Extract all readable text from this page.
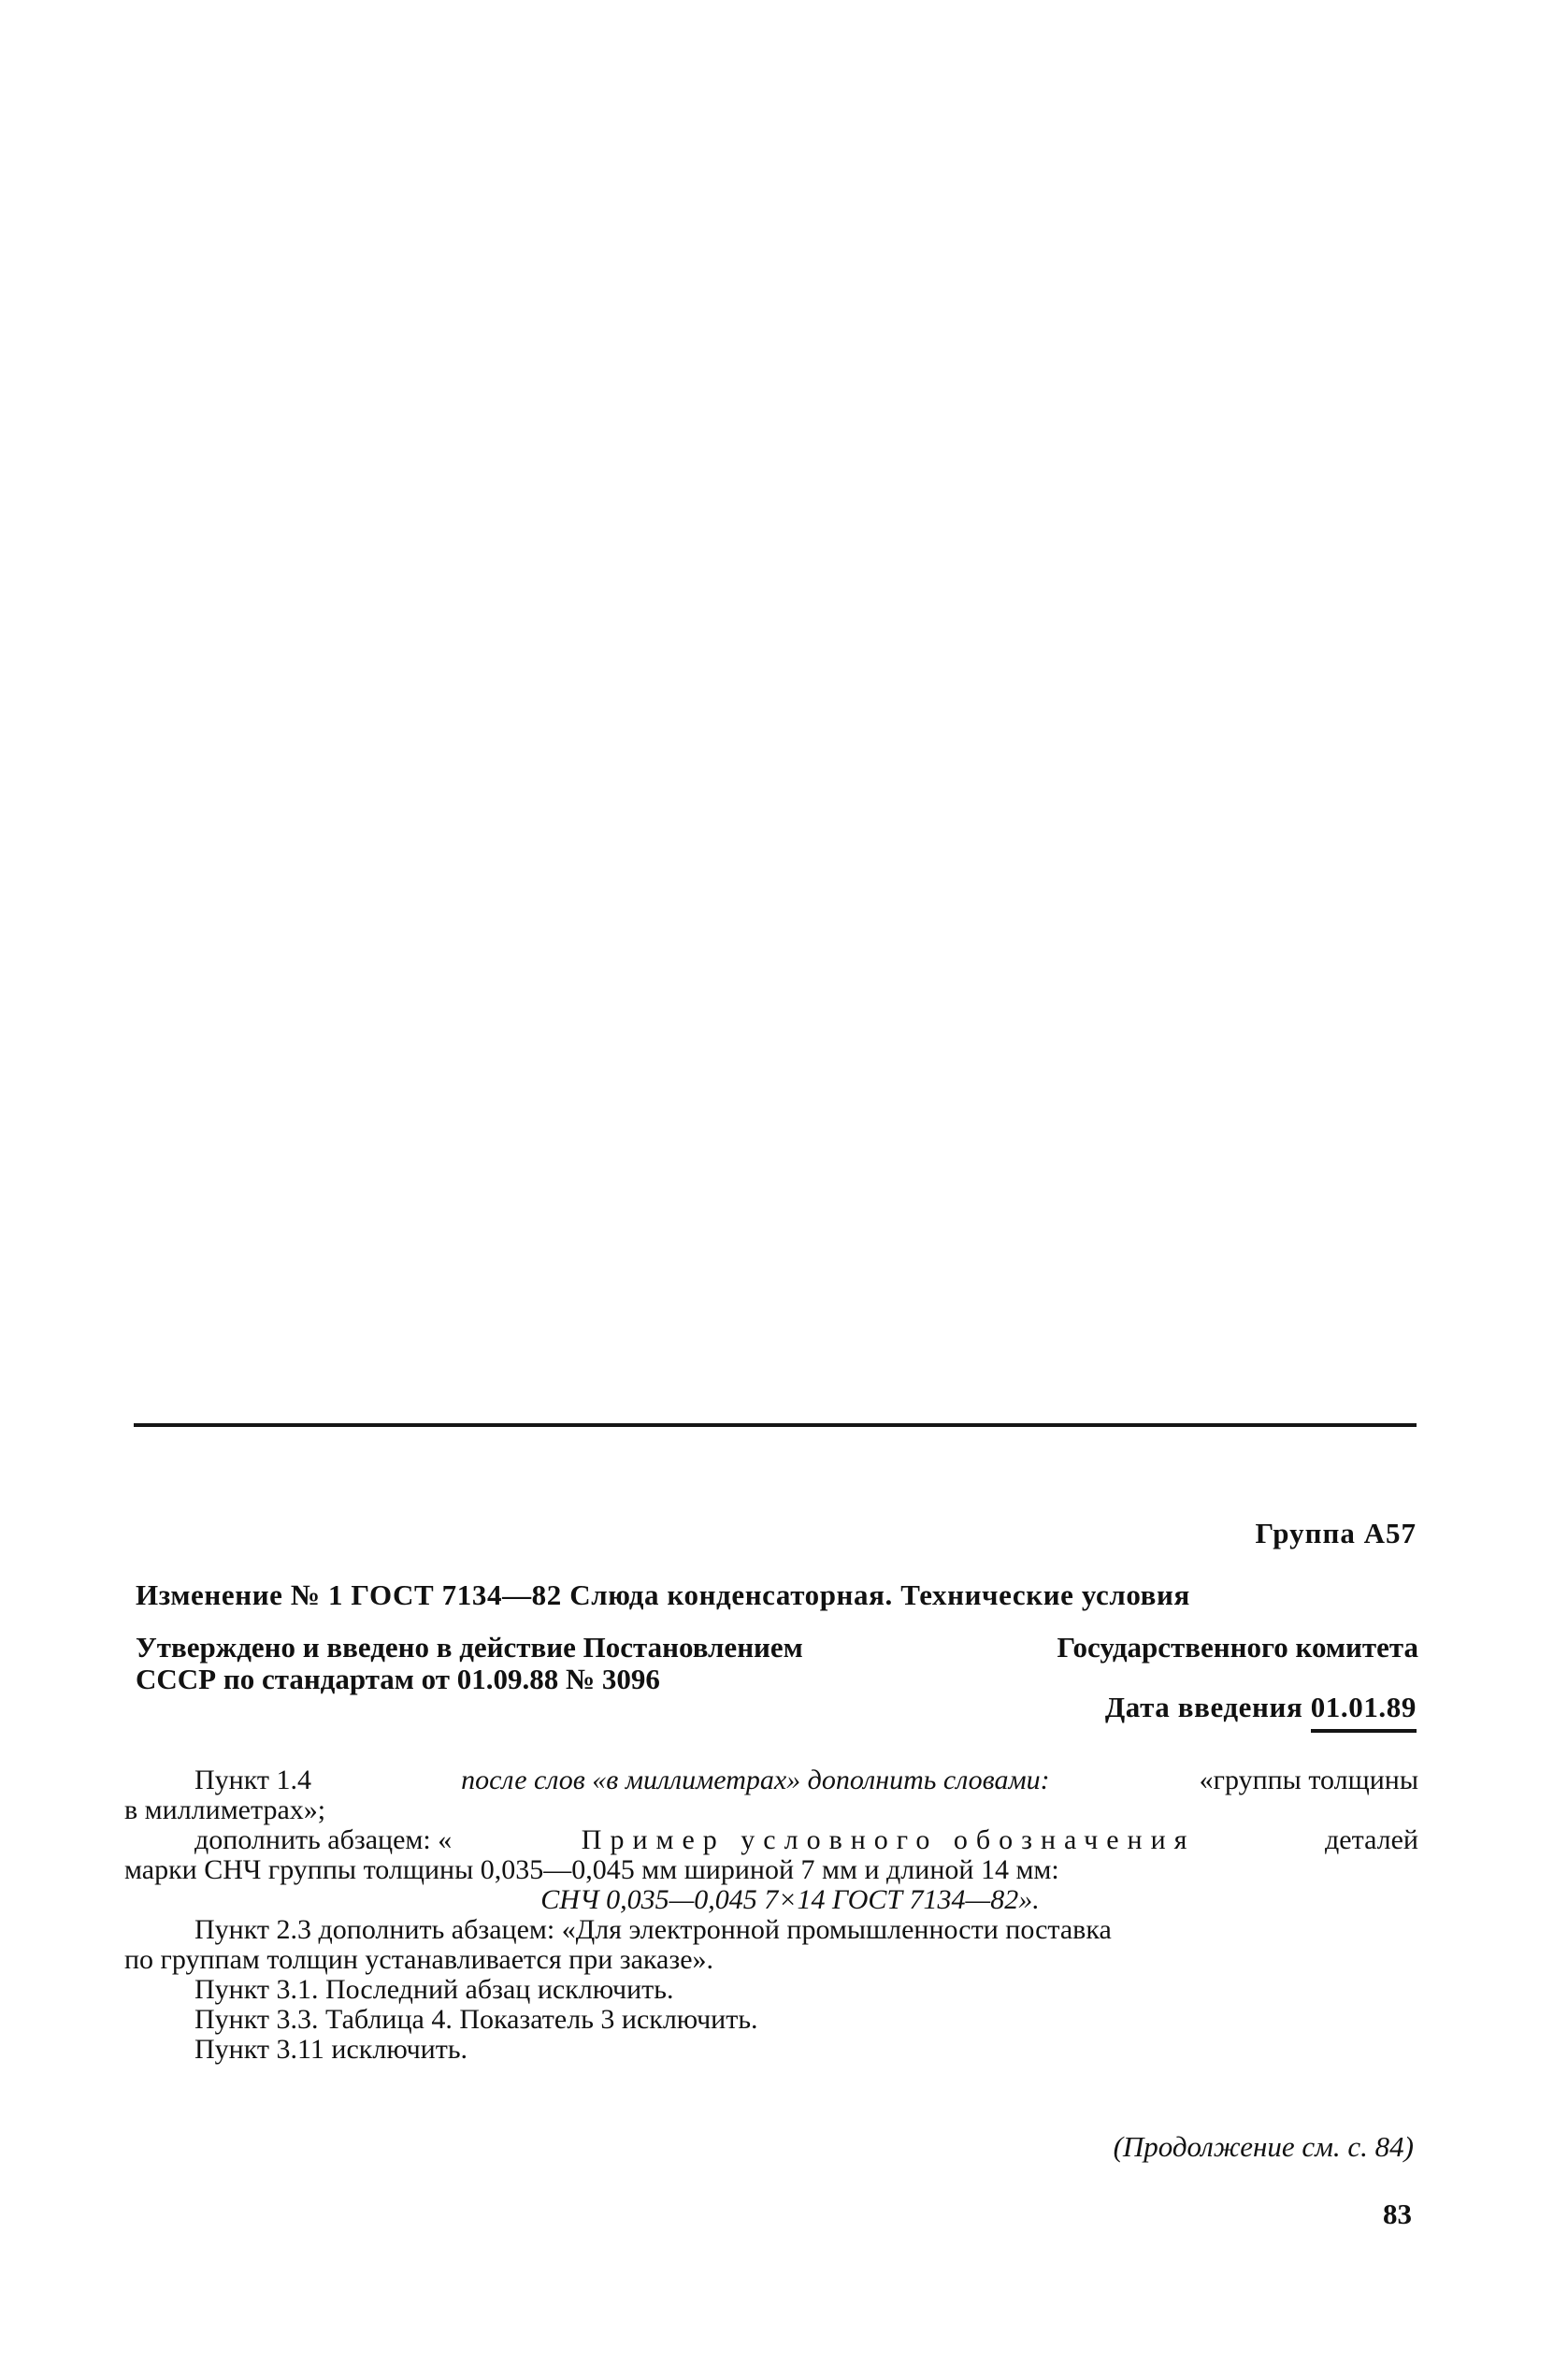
Группа А57
Изменение № 1 ГОСТ 7134—82 Слюда конденсаторная. Технические условия
Утверждено и введено в действие Постановлением	Государственного комитета
СССР по стандартам от 01.09.88 № 3096
Дата введения 01.01.89
Пункт 1.4	после слов «в миллиметрах» дополнить словами:	«группы толщины
в миллиметрах»;
дополнить абзацем: «	Пример условного обозначения	деталей
марки СНЧ группы толщины 0,035—0,045 мм шириной 7 мм и длиной 14 мм:
СНЧ 0,035—0,045 7×14 ГОСТ 7134—82».
Пункт 2.3 дополнить абзацем: «Для электронной промышленности поставка
по группам толщин устанавливается при заказе».
Пункт 3.1. Последний абзац исключить.
Пункт 3.3. Таблица 4. Показатель 3 исключить.
Пункт 3.11 исключить.
(Продолжение см. с. 84)
83
